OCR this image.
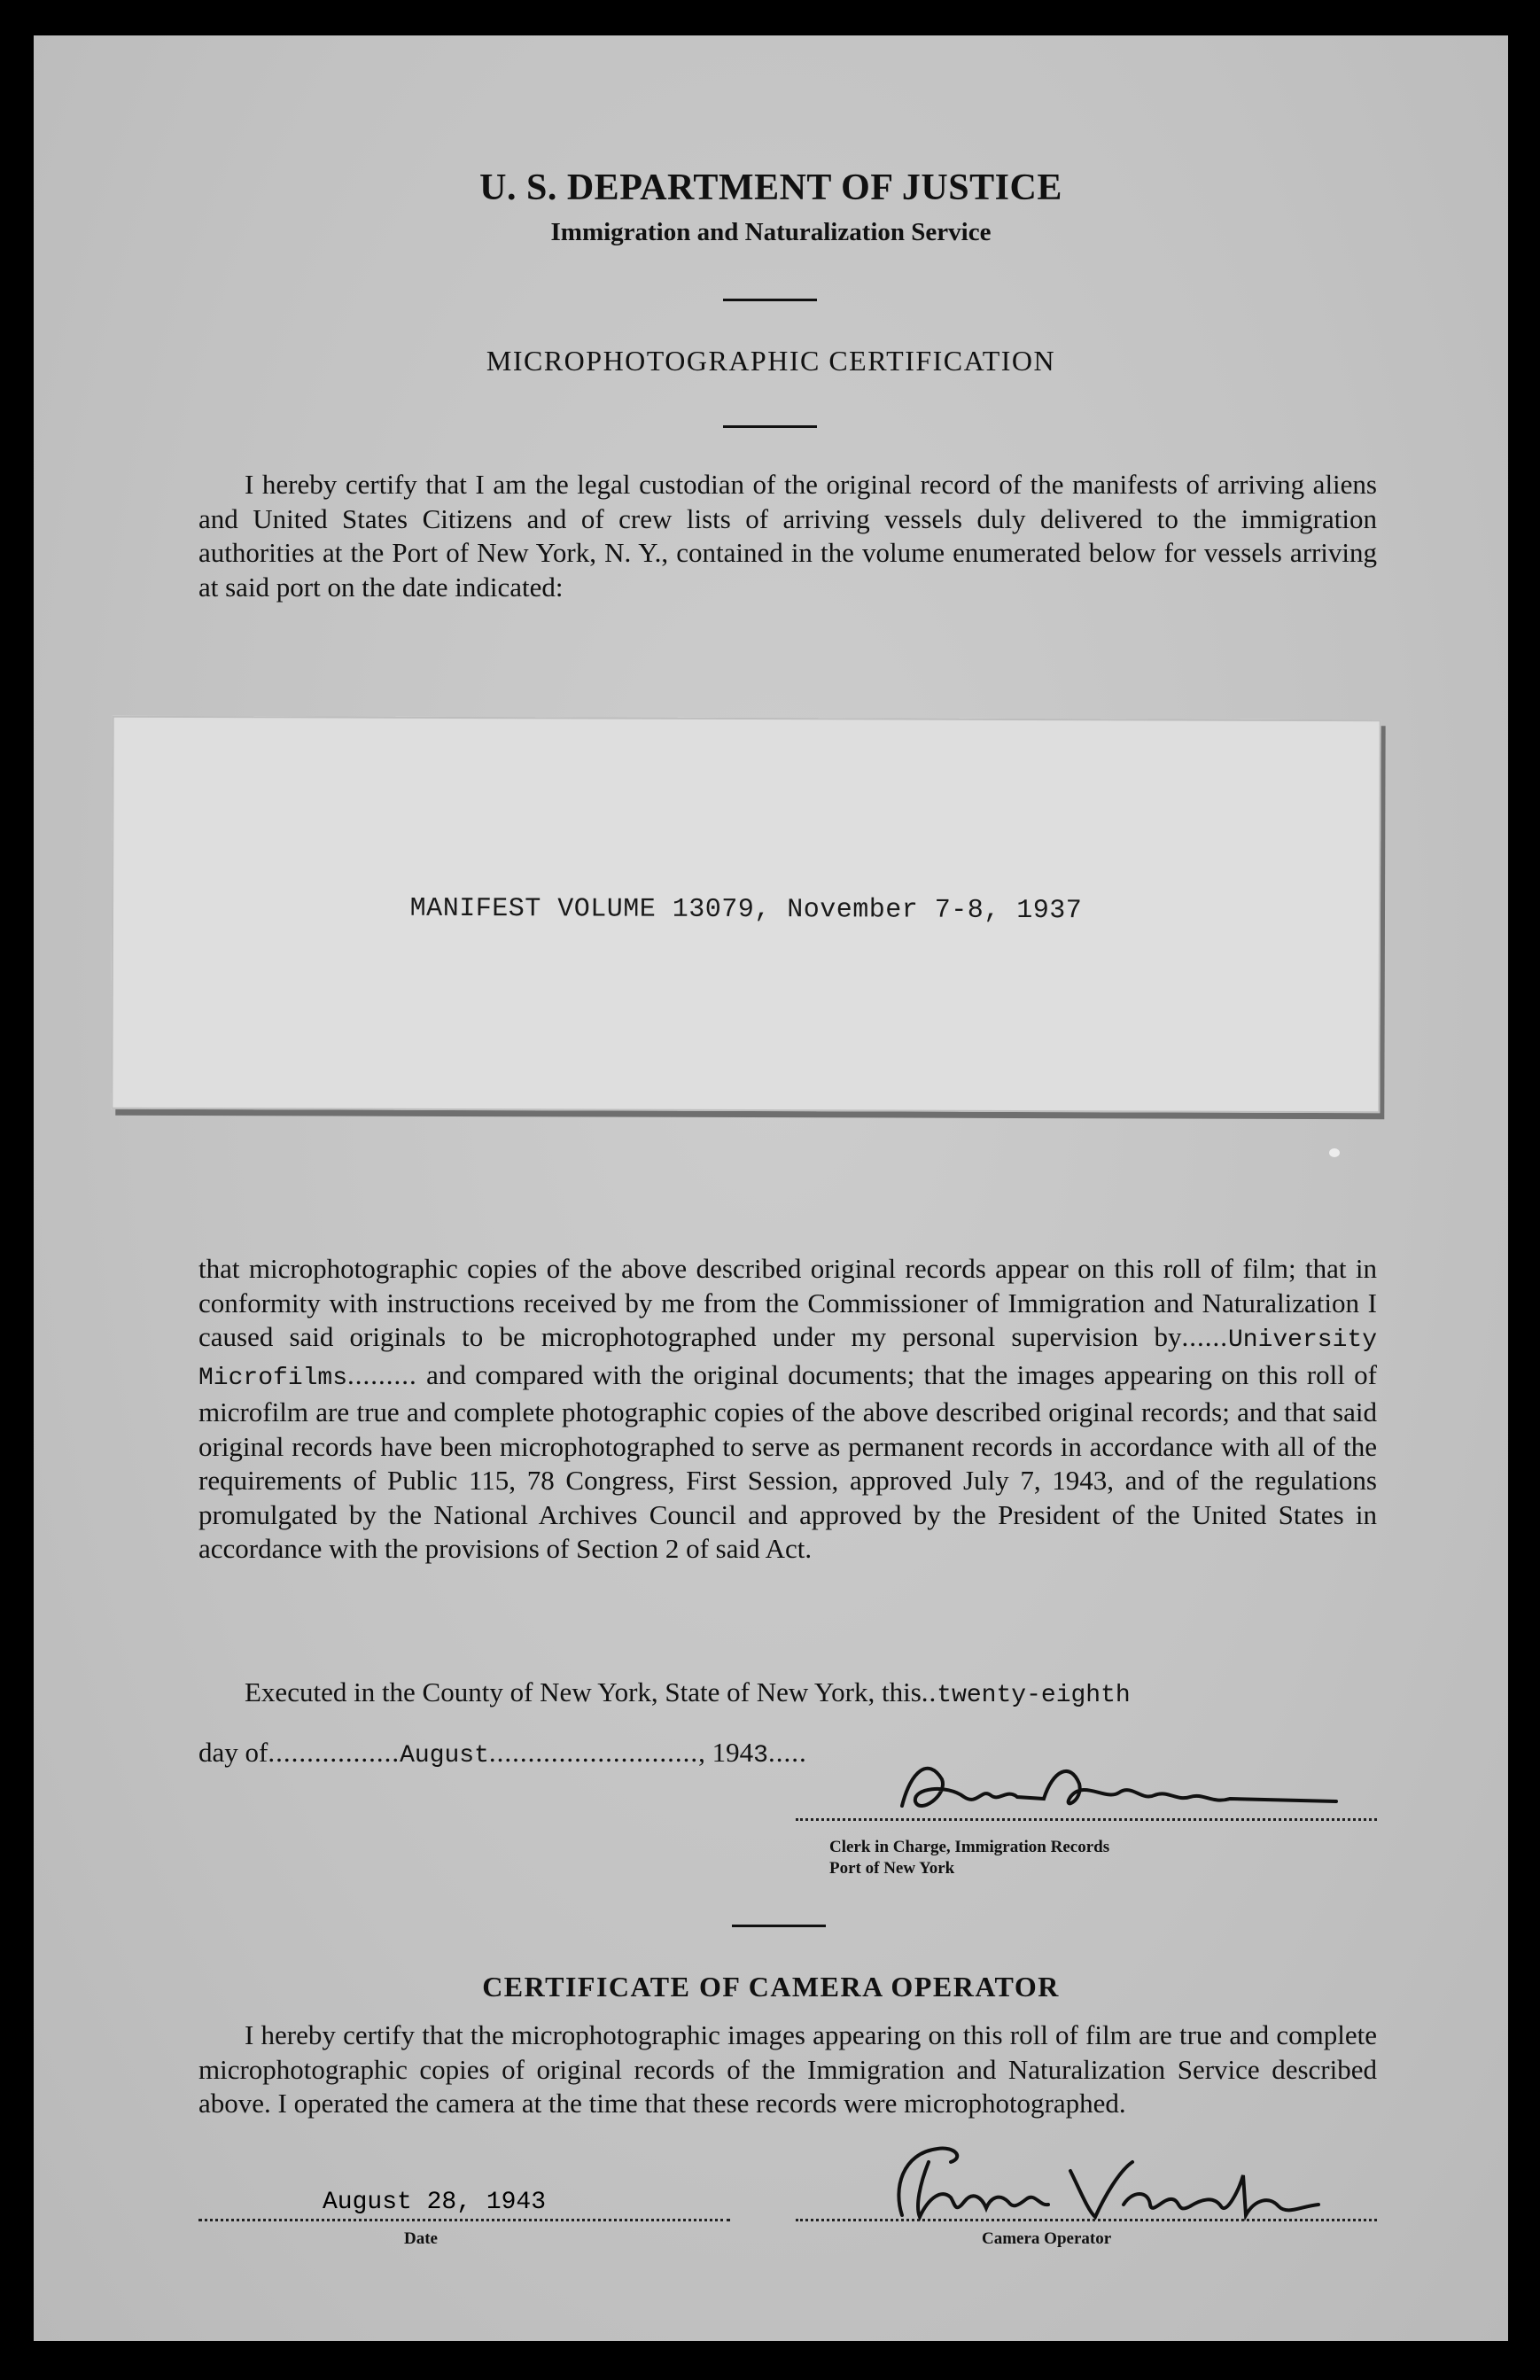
U. S. DEPARTMENT OF JUSTICE
Immigration and Naturalization Service
MICROPHOTOGRAPHIC CERTIFICATION
I hereby certify that I am the legal custodian of the original record of the manifests of arriving aliens and United States Citizens and of crew lists of arriving vessels duly delivered to the immigration authorities at the Port of New York, N. Y., contained in the volume enumerated below for vessels arriving at said port on the date indicated:
MANIFEST VOLUME 13079, November 7-8, 1937
that microphotographic copies of the above described original records appear on this roll of film; that in conformity with instructions received by me from the Commissioner of Immigration and Naturalization I caused said originals to be microphotographed under my personal supervision by......University Microfilms......... and compared with the original documents; that the images appearing on this roll of microfilm are true and complete photographic copies of the above described original records; and that said original records have been microphotographed to serve as permanent records in accordance with all of the requirements of Public 115, 78 Congress, First Session, approved July 7, 1943, and of the regulations promulgated by the National Archives Council and approved by the President of the United States in accordance with the provisions of Section 2 of said Act.
Executed in the County of New York, State of New York, this..twenty-eighth
day of.................August..........................., 1943.....
Clerk in Charge, Immigration Records
Port of New York
CERTIFICATE OF CAMERA OPERATOR
I hereby certify that the microphotographic images appearing on this roll of film are true and complete microphotographic copies of original records of the Immigration and Naturalization Service described above. I operated the camera at the time that these records were microphotographed.
August 28, 1943
Date	Camera Operator
